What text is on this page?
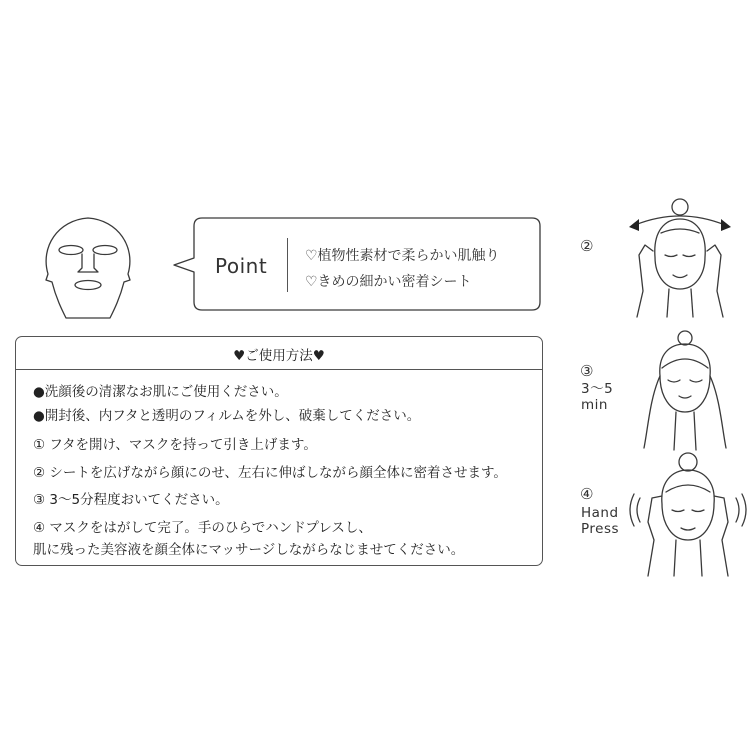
Point	♡植物性素材で柔らかい肌触り
♡きめの細かい密着シート
♥ご使用方法♥
●洗顔後の清潔なお肌にご使用ください。
●開封後、内フタと透明のフィルムを外し、破棄してください。
① フタを開け、マスクを持って引き上げます。
② シートを広げながら顔にのせ、左右に伸ばしながら顔全体に密着させます。
③ 3～5分程度おいてください。
④ マスクをはがして完了。手のひらでハンドプレスし、
肌に残った美容液を顔全体にマッサージしながらなじませてください。
②
③
3～5
min
④
Hand
Press
